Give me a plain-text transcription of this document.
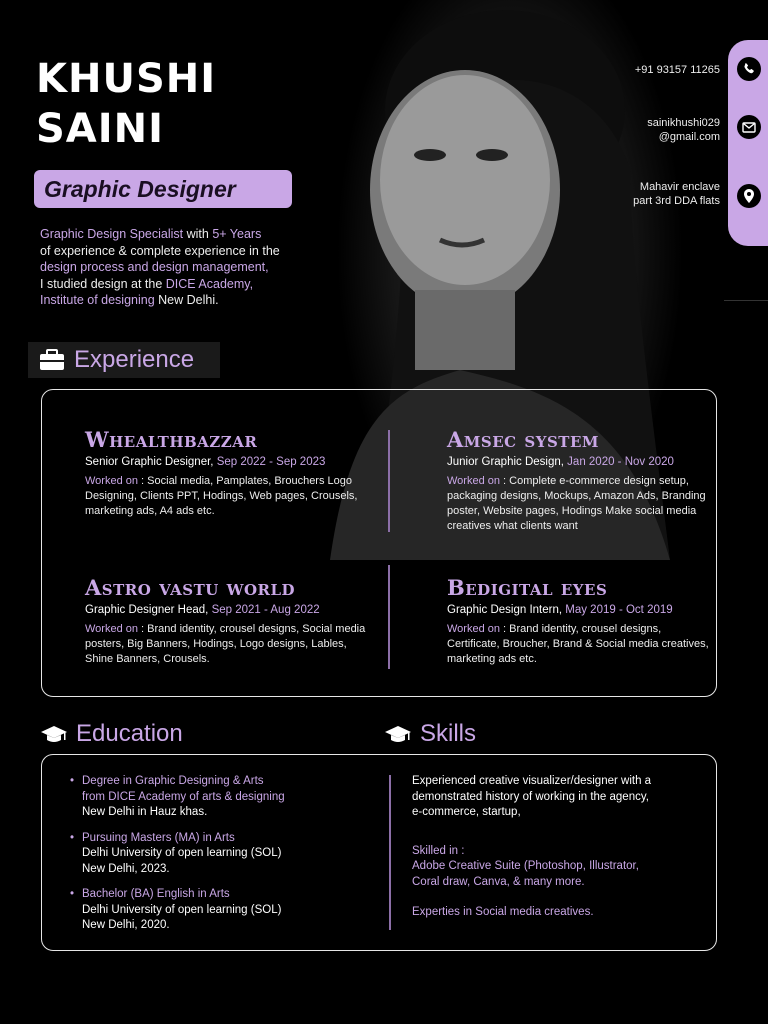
KHUSHI
SAINI
Graphic Designer
Graphic Design Specialist with 5+ Years
of experience & complete experience in the
design process and design management,
I studied design at the DICE Academy,
Institute of designing New Delhi.
+91 93157 11265
sainikhushi029
@gmail.com
Mahavir enclave
part 3rd DDA flats
Experience
Whealthbazzar
Senior Graphic Designer, Sep 2022 - Sep 2023
Worked on : Social media, Pamplates, Brouchers Logo Designing, Clients PPT, Hodings, Web pages, Crousels, marketing ads, A4 ads etc.
Amsec system
Junior Graphic Design, Jan 2020 - Nov 2020
Worked on : Complete e-commerce design setup, packaging designs, Mockups, Amazon Ads, Branding poster, Website pages, Hodings Make social media creatives what clients want
Astro vastu world
Graphic Designer Head, Sep 2021 - Aug 2022
Worked on : Brand identity, crousel designs, Social media posters, Big Banners, Hodings, Logo designs, Lables, Shine Banners, Crousels.
Bedigital eyes
Graphic Design Intern, May 2019 - Oct 2019
Worked on : Brand identity, crousel designs, Certificate, Broucher, Brand & Social media creatives, marketing ads etc.
Education	Skills
• Degree in Graphic Designing & Arts
from DICE Academy of arts & designing
New Delhi in Hauz khas.
• Pursuing Masters (MA) in Arts
Delhi University of open learning (SOL)
New Delhi, 2023.
• Bachelor (BA) English in Arts
Delhi University of open learning (SOL)
New Delhi, 2020.
Experienced creative visualizer/designer with a
demonstrated history of working in the agency,
e-commerce, startup,
Skilled in :
Adobe Creative Suite (Photoshop, Illustrator,
Coral draw, Canva, & many more.
Experties in Social media creatives.
